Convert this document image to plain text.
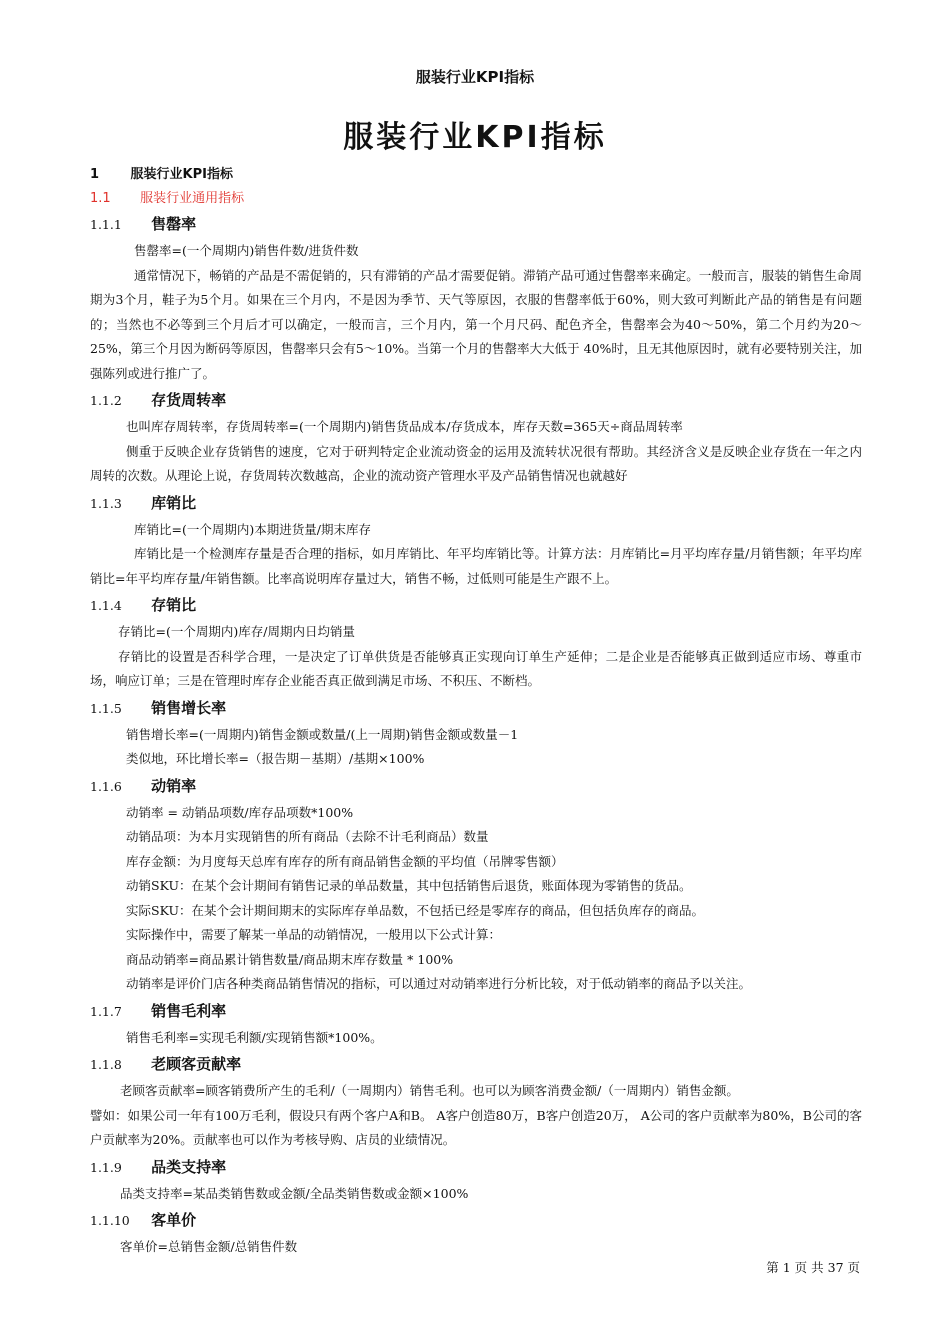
服装行业KPI指标
服装行业KPI指标
1 服装行业KPI指标
1.1 服装行业通用指标
1.1.1 售罄率

售罄率=(一个周期内)销售件数/进货件数

通常情况下，畅销的产品是不需促销的，只有滞销的产品才需要促销。滞销产品可通过售罄率来确定。一般而言，服装的销售生命周期为3个月，鞋子为5个月。如果在三个月内，不是因为季节、天气等原因，衣服的售罄率低于60%，则大致可判断此产品的销售是有问题的；当然也不必等到三个月后才可以确定，一般而言，三个月内，第一个月尺码、配色齐全，售罄率会为40～50%，第二个月约为20～25%，第三个月因为断码等原因，售罄率只会有5～10%。当第一个月的售罄率大大低于 40%时，且无其他原因时，就有必要特别关注，加强陈列或进行推广了。

1.1.2 存货周转率

也叫库存周转率，存货周转率=(一个周期内)销售货品成本/存货成本，库存天数=365天÷商品周转率

侧重于反映企业存货销售的速度，它对于研判特定企业流动资金的运用及流转状况很有帮助。其经济含义是反映企业存货在一年之内周转的次数。从理论上说，存货周转次数越高，企业的流动资产管理水平及产品销售情况也就越好

1.1.3 库销比

库销比=(一个周期内)本期进货量/期末库存

库销比是一个检测库存量是否合理的指标，如月库销比、年平均库销比等。计算方法：月库销比=月平均库存量/月销售额；年平均库销比=年平均库存量/年销售额。比率高说明库存量过大，销售不畅，过低则可能是生产跟不上。

1.1.4 存销比

存销比=(一个周期内)库存/周期内日均销量

存销比的设置是否科学合理，一是决定了订单供货是否能够真正实现向订单生产延伸；二是企业是否能够真正做到适应市场、尊重市场，响应订单；三是在管理时库存企业能否真正做到满足市场、不积压、不断档。

1.1.5 销售增长率

销售增长率=(一周期内)销售金额或数量/(上一周期)销售金额或数量－1

类似地，环比增长率=（报告期－基期）/基期×100%

1.1.6 动销率

动销率 = 动销品项数/库存品项数*100%

动销品项：为本月实现销售的所有商品（去除不计毛利商品）数量

库存金额：为月度每天总库有库存的所有商品销售金额的平均值（吊牌零售额）

动销SKU：在某个会计期间有销售记录的单品数量，其中包括销售后退货，账面体现为零销售的货品。

实际SKU：在某个会计期间期末的实际库存单品数，不包括已经是零库存的商品，但包括负库存的商品。

实际操作中，需要了解某一单品的动销情况，一般用以下公式计算：

商品动销率=商品累计销售数量/商品期末库存数量 * 100%

动销率是评价门店各种类商品销售情况的指标，可以通过对动销率进行分析比较，对于低动销率的商品予以关注。

1.1.7 销售毛利率

销售毛利率=实现毛利额/实现销售额*100%。

1.1.8 老顾客贡献率

老顾客贡献率=顾客销费所产生的毛利/（一周期内）销售毛利。也可以为顾客消费金额/（一周期内）销售金额。

譬如：如果公司一年有100万毛利，假设只有两个客户A和B。 A客户创造80万，B客户创造20万， A公司的客户贡献率为80%，B公司的客户贡献率为20%。贡献率也可以作为考核导购、店员的业绩情况。

1.1.9 品类支持率

品类支持率=某品类销售数或金额/全品类销售数或金额×100%

1.1.10 客单价

客单价=总销售金额/总销售件数

第 1 页 共 37 页
